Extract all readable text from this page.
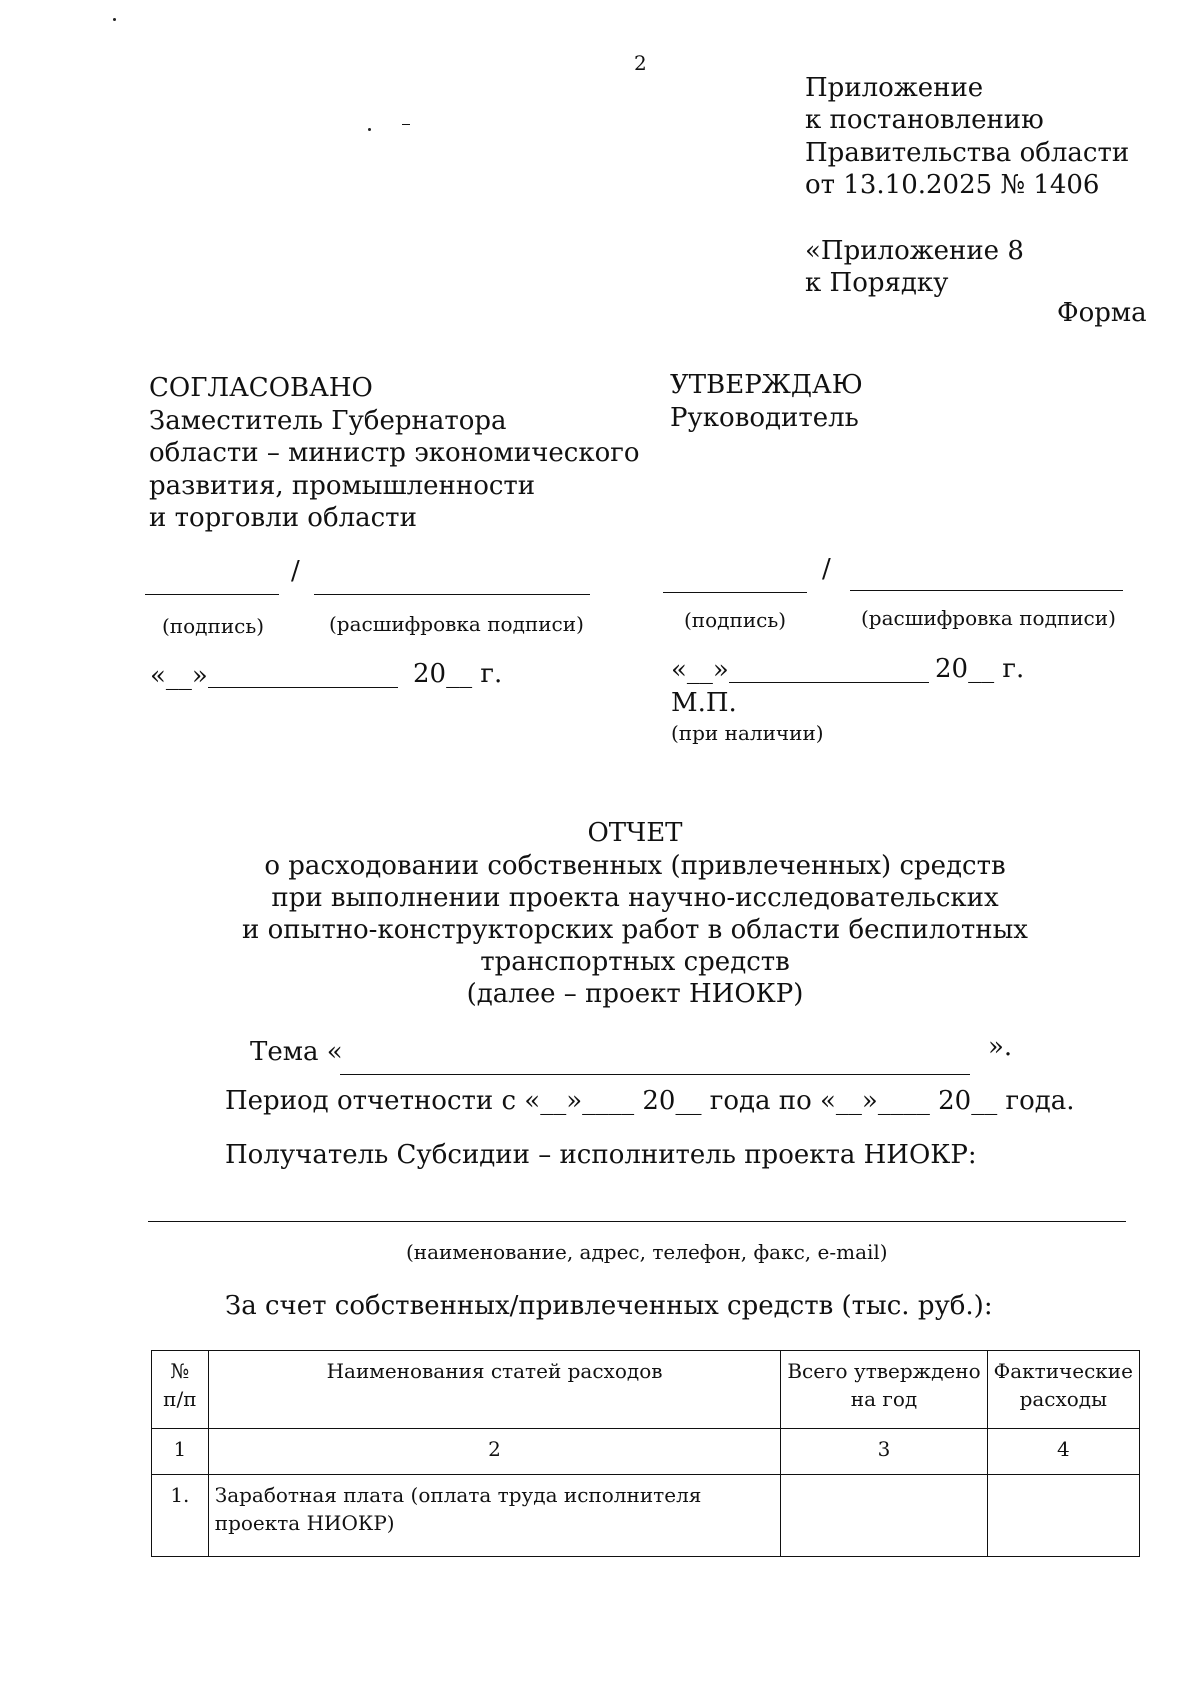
2
Приложение
к постановлению
Правительства области
от 13.10.2025 № 1406
«Приложение 8
к Порядку
Форма
СОГЛАСОВАНО
Заместитель Губернатора
области – министр экономического
развития, промышленности
и торговли области
/
(подпись)	(расшифровка подписи)
«__»	20__ г.
УТВЕРЖДАЮ
Руководитель
/
(подпись)	(расшифровка подписи)
«__»	20__ г.
М.П.
(при наличии)
ОТЧЕТ
о расходовании собственных (привлеченных) средств
при выполнении проекта научно-исследовательских
и опытно-конструкторских работ в области беспилотных
транспортных средств
(далее – проект НИОКР)
Тема «	».
Период отчетности с «__»____ 20__ года по «__»____ 20__ года.
Получатель Субсидии – исполнитель проекта НИОКР:
(наименование, адрес, телефон, факс, e-mail)
За счет собственных/привлеченных средств (тыс. руб.):
№ п/п	Наименования статей расходов	Всего утверждено на год	Фактические расходы
1	2	3	4
1.	Заработная плата (оплата труда исполнителя проекта НИОКР)		
